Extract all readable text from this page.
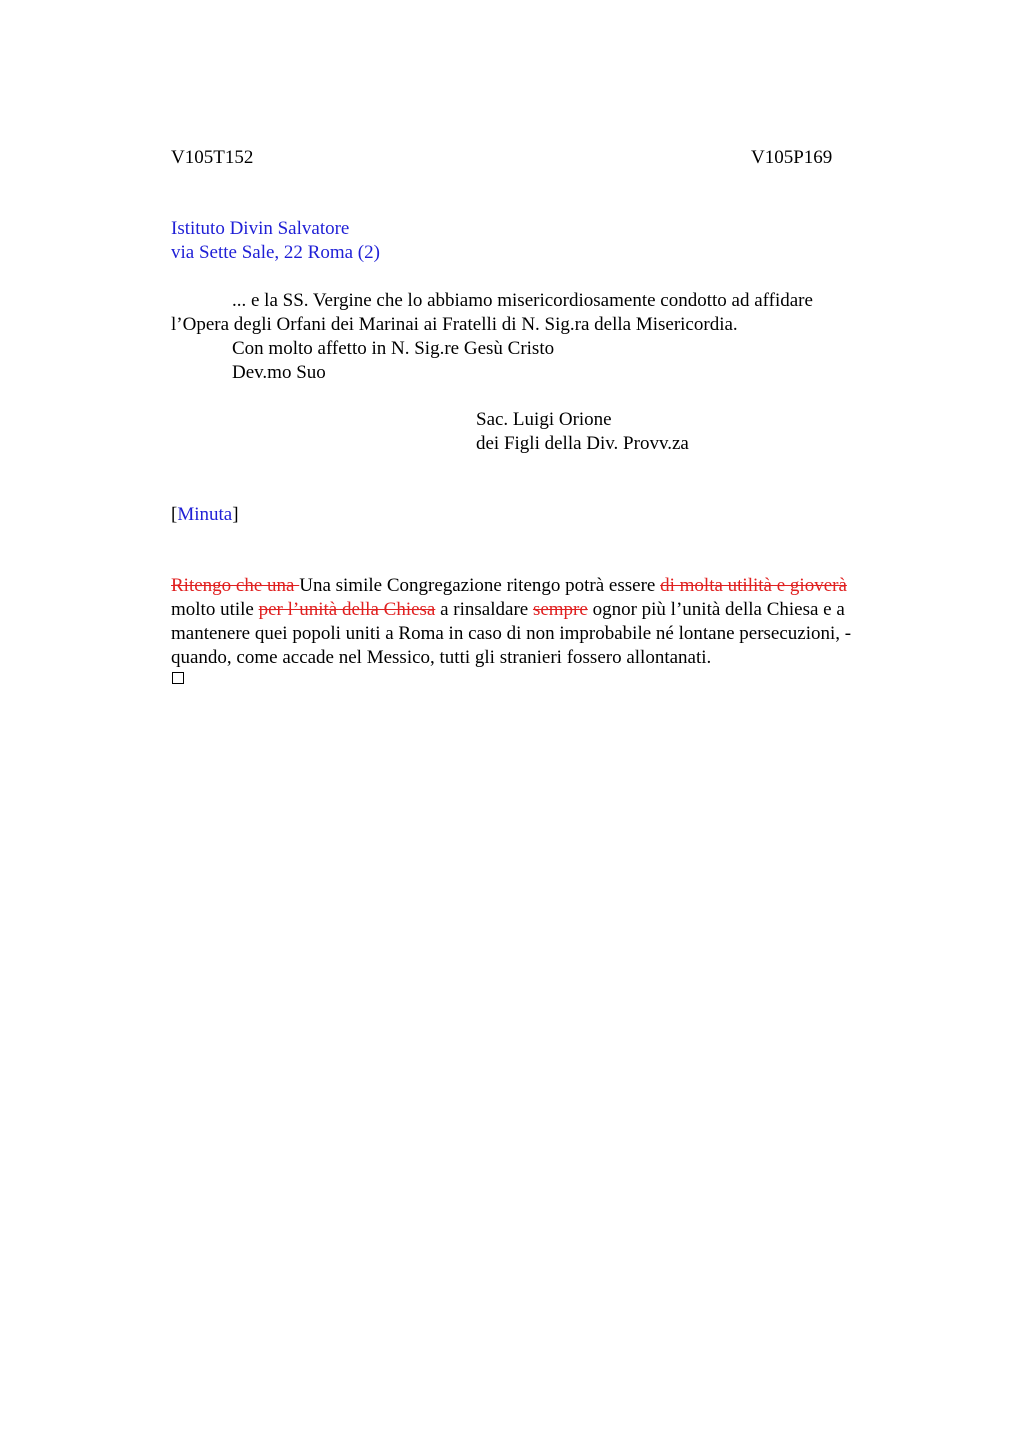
V105T152	V105P169
Istituto Divin Salvatore
via Sette Sale, 22 Roma (2)
... e la SS. Vergine che lo abbiamo misericordiosamente condotto ad affidare
l’Opera degli Orfani dei Marinai ai Fratelli di N. Sig.ra della Misericordia.
Con molto affetto in N. Sig.re Gesù Cristo
Dev.mo Suo
Sac. Luigi Orione
dei Figli della Div. Provv.za
[Minuta]
Ritengo che una Una simile Congregazione ritengo potrà essere di molta utilità e gioverà
molto utile per l’unità della Chiesa a rinsaldare sempre ognor più l’unità della Chiesa e a
mantenere quei popoli uniti a Roma in caso di non improbabile né lontane persecuzioni, -
quando, come accade nel Messico, tutti gli stranieri fossero allontanati.
